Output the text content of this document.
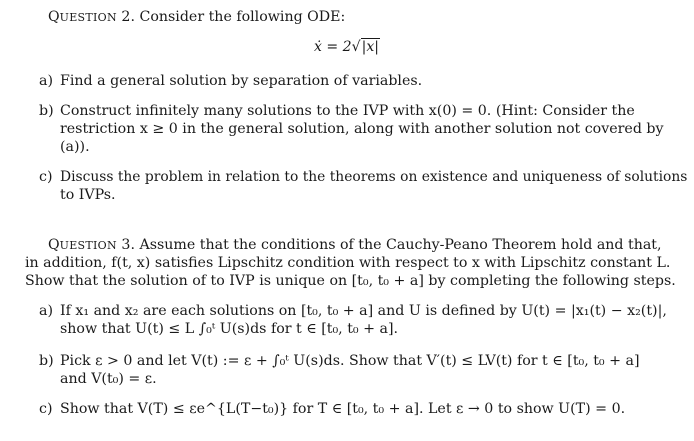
QUESTION 2. Consider the following ODE:
ẋ = 2√|x|
a) Find a general solution by separation of variables.
b) Construct infinitely many solutions to the IVP with x(0) = 0. (Hint: Consider the
restriction x ≥ 0 in the general solution, along with another solution not covered by
(a)).
c) Discuss the problem in relation to the theorems on existence and uniqueness of solutions
to IVPs.
QUESTION 3. Assume that the conditions of the Cauchy-Peano Theorem hold and that,
in addition, f(t, x) satisfies Lipschitz condition with respect to x with Lipschitz constant L.
Show that the solution of to IVP is unique on [t₀, t₀ + a] by completing the following steps.
a) If x₁ and x₂ are each solutions on [t₀, t₀ + a] and U is defined by U(t) = |x₁(t) − x₂(t)|,
show that U(t) ≤ L ∫₀ᵗ U(s)ds for t ∈ [t₀, t₀ + a].
b) Pick ε > 0 and let V(t) := ε + ∫₀ᵗ U(s)ds. Show that V′(t) ≤ LV(t) for t ∈ [t₀, t₀ + a]
and V(t₀) = ε.
c) Show that V(T) ≤ εe^{L(T−t₀)} for T ∈ [t₀, t₀ + a]. Let ε → 0 to show U(T) = 0.
